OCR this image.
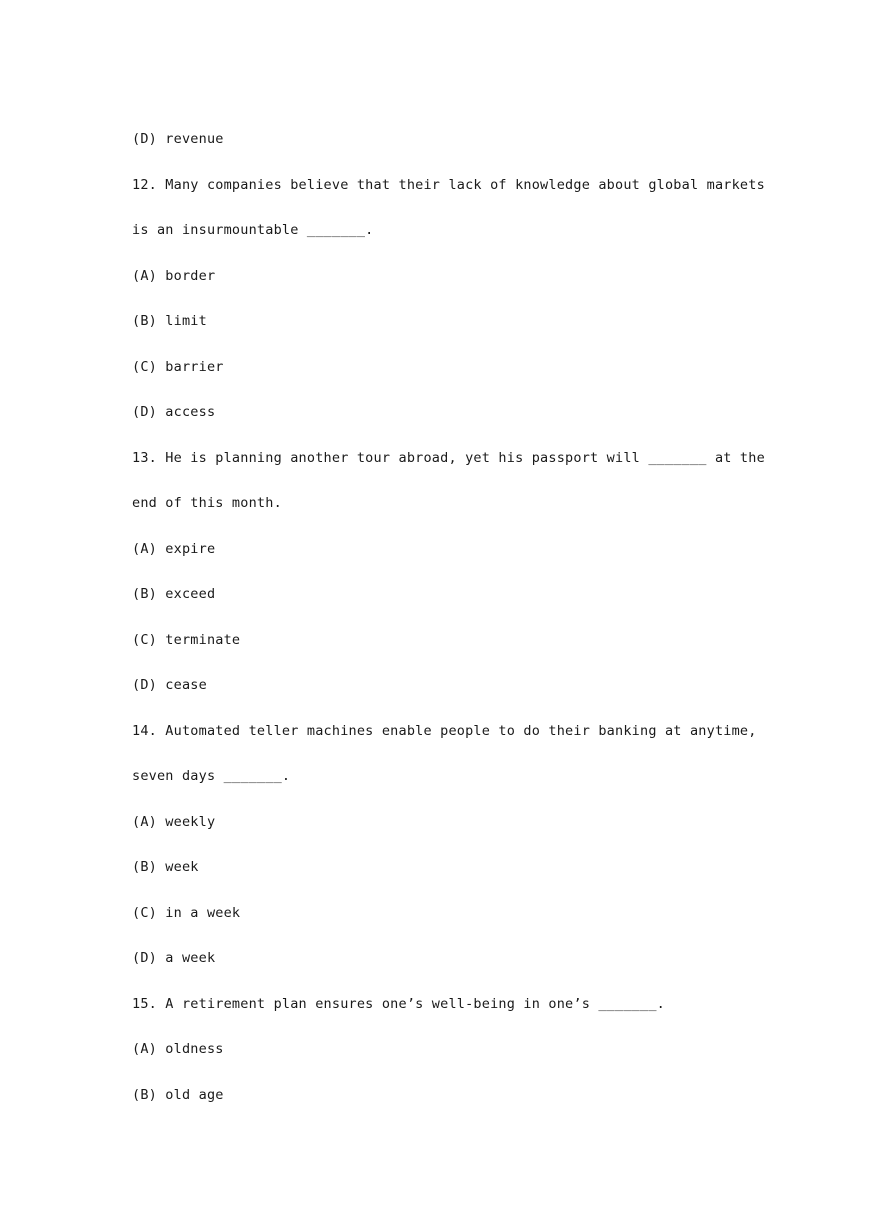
(D) revenue
12. Many companies believe that their lack of knowledge about global markets
is an insurmountable _______.
(A) border
(B) limit
(C) barrier
(D) access
13. He is planning another tour abroad, yet his passport will _______ at the
end of this month.
(A) expire
(B) exceed
(C) terminate
(D) cease
14. Automated teller machines enable people to do their banking at anytime,
seven days _______.
(A) weekly
(B) week
(C) in a week
(D) a week
15. A retirement plan ensures one’s well-being in one’s _______.
(A) oldness
(B) old age
